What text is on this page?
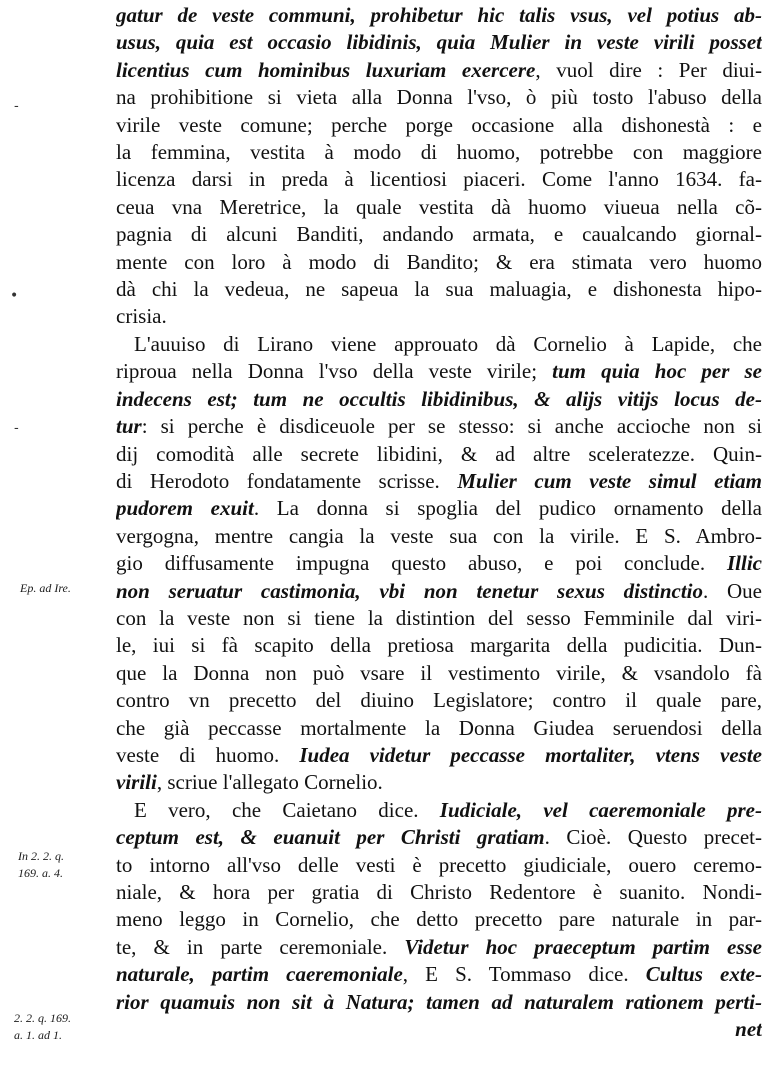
-
•
-
Ep. ad Ire.
In 2. 2. q.
169. a. 4.
2. 2. q. 169.
a. 1. ad 1.
gatur de veste communi, prohibetur hic talis vsus, vel potius ab-
usus, quia est occasio libidinis, quia Mulier in veste virili posset
licentius cum hominibus luxuriam exercere, vuol dire : Per diui-
na prohibitione si vieta alla Donna l'vso, ò più tosto l'abuso della
virile veste comune; perche porge occasione alla dishonestà : e
la femmina, vestita à modo di huomo, potrebbe con maggiore
licenza darsi in preda à licentiosi piaceri. Come l'anno 1634. fa-
ceua vna Meretrice, la quale vestita dà huomo viueua nella cõ-
pagnia di alcuni Banditi, andando armata, e caualcando giornal-
mente con loro à modo di Bandito; & era stimata vero huomo
dà chi la vedeua, ne sapeua la sua maluagia, e dishonesta hipo-
crisia.
L'auuiso di Lirano viene approuato dà Cornelio à Lapide, che
riproua nella Donna l'vso della veste virile; tum quia hoc per se
indecens est; tum ne occultis libidinibus, & alijs vitijs locus de-
tur: si perche è disdiceuole per se stesso: si anche accioche non si
dij comodità alle secrete libidini, & ad altre sceleratezze. Quin-
di Herodoto fondatamente scrisse. Mulier cum veste simul etiam
pudorem exuit. La donna si spoglia del pudico ornamento della
vergogna, mentre cangia la veste sua con la virile. E S. Ambro-
gio diffusamente impugna questo abuso, e poi conclude. Illic
non seruatur castimonia, vbi non tenetur sexus distinctio. Oue
con la veste non si tiene la distintion del sesso Femminile dal viri-
le, iui si fà scapito della pretiosa margarita della pudicitia. Dun-
que la Donna non può vsare il vestimento virile, & vsandolo fà
contro vn precetto del diuino Legislatore; contro il quale pare,
che già peccasse mortalmente la Donna Giudea seruendosi della
veste di huomo. Iudea videtur peccasse mortaliter, vtens veste
virili, scriue l'allegato Cornelio.
E vero, che Caietano dice. Iudiciale, vel caeremoniale pre-
ceptum est, & euanuit per Christi gratiam. Cioè. Questo precet-
to intorno all'vso delle vesti è precetto giudiciale, ouero ceremo-
niale, & hora per gratia di Christo Redentore è suanito. Nondi-
meno leggo in Cornelio, che detto precetto pare naturale in par-
te, & in parte ceremoniale. Videtur hoc praeceptum partim esse
naturale, partim caeremoniale, E S. Tommaso dice. Cultus exte-
rior quamuis non sit à Natura; tamen ad naturalem rationem perti-
net
